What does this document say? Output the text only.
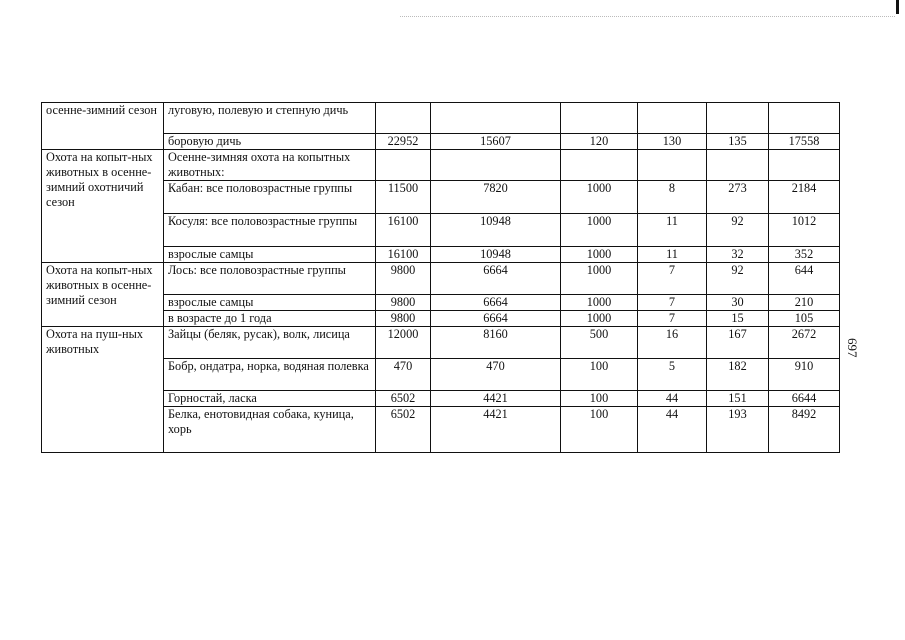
697
осенне-зимний сезон	луговую, полевую и степную дичь						
	боровую дичь	22952	15607	120	130	135	17558
Охота на копыт-ных животных в осенне-зимний охотничий сезон	Осенне-зимняя охота на копытных животных:						
	Кабан: все половозрастные группы	11500	7820	1000	8	273	2184
	Косуля: все половозрастные группы	16100	10948	1000	11	92	1012
	взрослые самцы	16100	10948	1000	11	32	352
Охота на копыт-ных животных в осенне-зимний сезон	Лось: все половозрастные группы	9800	6664	1000	7	92	644
	взрослые самцы	9800	6664	1000	7	30	210
	в возрасте до 1 года	9800	6664	1000	7	15	105
Охота на пуш-ных животных	Зайцы (беляк, русак), волк, лисица	12000	8160	500	16	167	2672
	Бобр, ондатра, норка, водяная полевка	470	470	100	5	182	910
	Горностай, ласка	6502	4421	100	44	151	6644
	Белка, енотовидная собака, куница, хорь	6502	4421	100	44	193	8492
